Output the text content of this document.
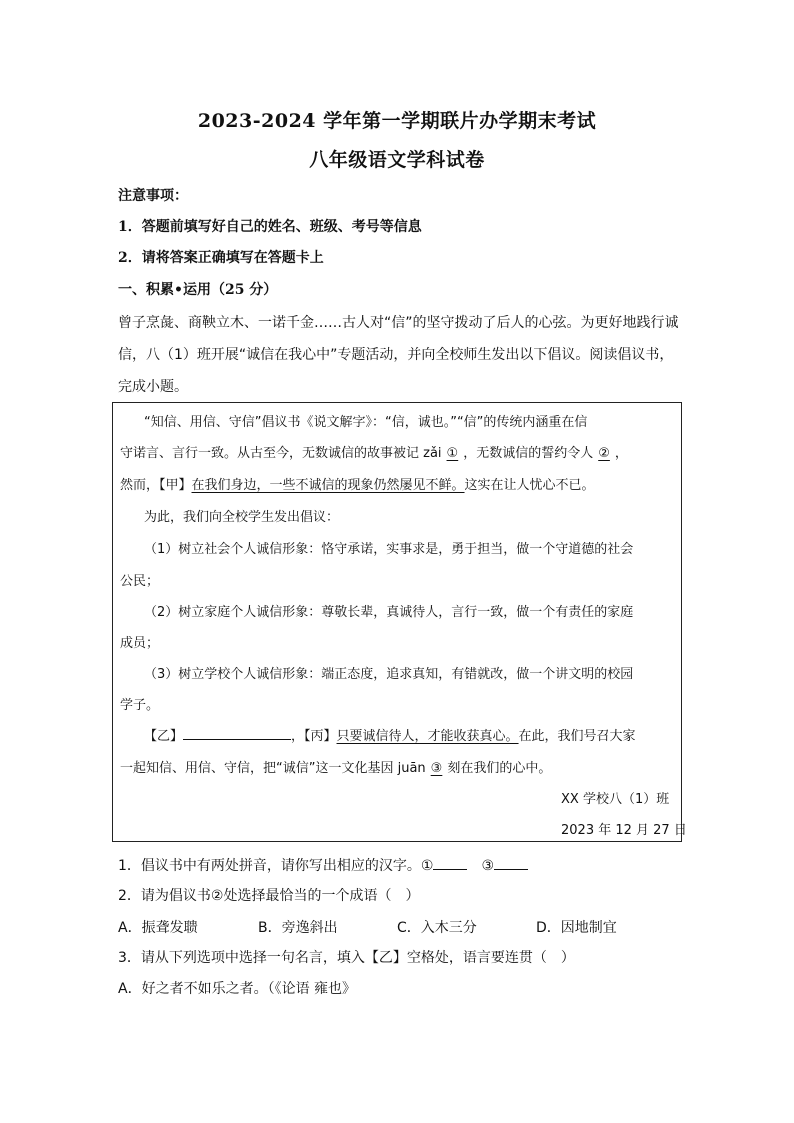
2023-2024 学年第一学期联片办学期末考试
八年级语文学科试卷
注意事项：
1．答题前填写好自己的姓名、班级、考号等信息
2．请将答案正确填写在答题卡上
一、积累•运用（25 分）
曾子烹彘、商鞅立木、一诺千金……古人对“信”的坚守拨动了后人的心弦。为更好地践行诚
信，八（1）班开展“诚信在我心中”专题活动，并向全校师生发出以下倡议。阅读倡议书，
完成小题。
“知信、用信、守信”倡议书《说文解字》：“信，诚也。”“信”的传统内涵重在信
守诺言、言行一致。从古至今，无数诚信的故事被记 zǎi ① ，无数诚信的誓约令人 ② ，
然而，【甲】在我们身边，一些不诚信的现象仍然屡见不鲜。这实在让人忧心不已。
为此，我们向全校学生发出倡议：
（1）树立社会个人诚信形象：恪守承诺，实事求是，勇于担当，做一个守道德的社会
公民；
（2）树立家庭个人诚信形象：尊敬长辈，真诚待人，言行一致，做一个有责任的家庭
成员；
（3）树立学校个人诚信形象：端正态度，追求真知，有错就改，做一个讲文明的校园
学子。
【乙】	，【丙】只要诚信待人，才能收获真心。在此，我们号召大家
一起知信、用信、守信，把“诚信”这一文化基因 juān ③ 刻在我们的心中。
XX 学校八（1）班
2023 年 12 月 27 日
1．倡议书中有两处拼音，请你写出相应的汉字。①	③
2．请为倡议书②处选择最恰当的一个成语（　）
A．振聋发聩	B．旁逸斜出	C．入木三分	D．因地制宜
3．请从下列选项中选择一句名言，填入【乙】空格处，语言要连贯（　）
A．好之者不如乐之者。（《论语 雍也》
